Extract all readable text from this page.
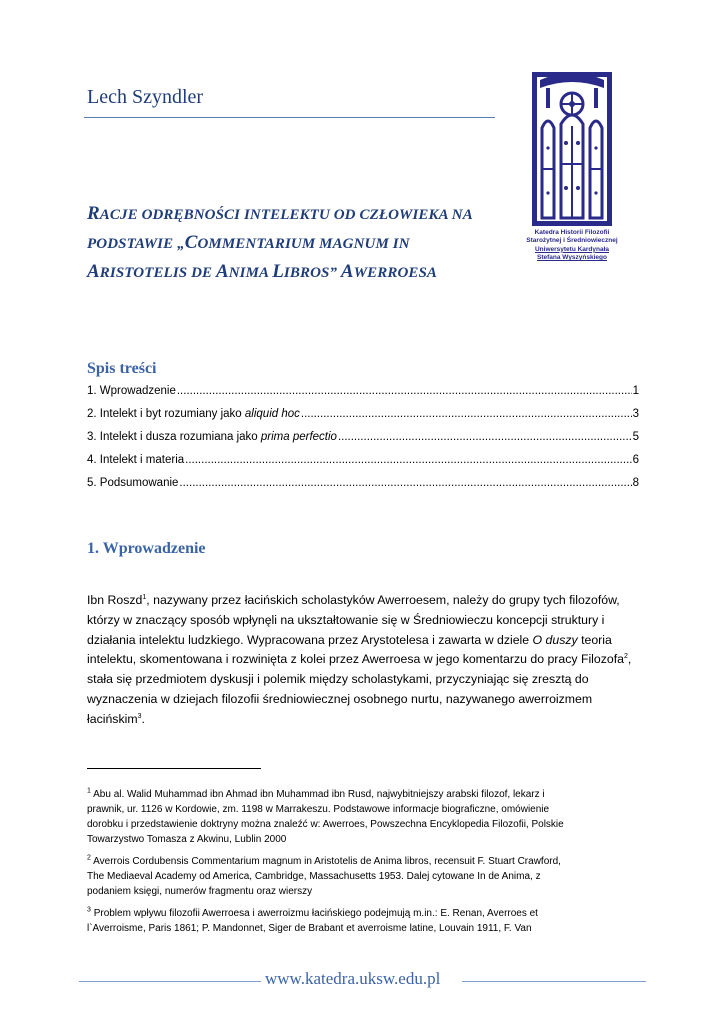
Lech Szyndler
RACJE ODRĘBNOŚCI INTELEKTU OD CZŁOWIEKA NA
PODSTAWIE „COMMENTARIUM MAGNUM IN
ARISTOTELIS DE ANIMA LIBROS” AWERROESA
Katedra Historii Filozofii
Starożytnej i Średniowiecznej
Uniwersytetu Kardynała
Stefana Wyszyńskiego
Spis treści
1. Wprowadzenie .....	1
2. Intelekt i byt rozumiany jako aliquid hoc .....	3
3. Intelekt i dusza rozumiana jako prima perfectio .....	5
4. Intelekt i materia .....	6
5. Podsumowanie .....	8
1. Wprowadzenie
Ibn Roszd$^1$, nazywany przez łacińskich scholastyków Awerroesem, należy do grupy tych filozofów,
którzy w znaczący sposób wpłynęli na ukształtowanie się w Średniowieczu koncepcji struktury i
działania intelektu ludzkiego. Wypracowana przez Arystotelesa i zawarta w dziele O duszy teoria
intelektu, skomentowana i rozwinięta z kolei przez Awerroesa w jego komentarzu do pracy Filozofa$^2$,
stała się przedmiotem dyskusji i polemik między scholastykami, przyczyniając się zresztą do
wyznaczenia w dziejach filozofii średniowiecznej osobnego nurtu, nazywanego awerroizmem
łacińskim$^3$.
$^1$ Abu al. Walid Muhammad ibn Ahmad ibn Muhammad ibn Rusd, najwybitniejszy arabski filozof, lekarz i
prawnik, ur. 1126 w Kordowie, zm. 1198 w Marrakeszu. Podstawowe informacje biograficzne, omówienie
dorobku i przedstawienie doktryny można znaleźć w: Awerroes, Powszechna Encyklopedia Filozofii, Polskie
Towarzystwo Tomasza z Akwinu, Lublin 2000
$^2$ Averrois Cordubensis Commentarium magnum in Aristotelis de Anima libros, recensuit F. Stuart Crawford,
The Mediaeval Academy od America, Cambridge, Massachusetts 1953. Dalej cytowane In de Anima, z
podaniem księgi, numerów fragmentu oraz wierszy
$^3$ Problem wpływu filozofii Awerroesa i awerroizmu łacińskiego podejmują m.in.: E. Renan, Averroes et
l`Averroisme, Paris 1861; P. Mandonnet, Siger de Brabant et averroisme latine, Louvain 1911, F. Van
www.katedra.uksw.edu.pl
